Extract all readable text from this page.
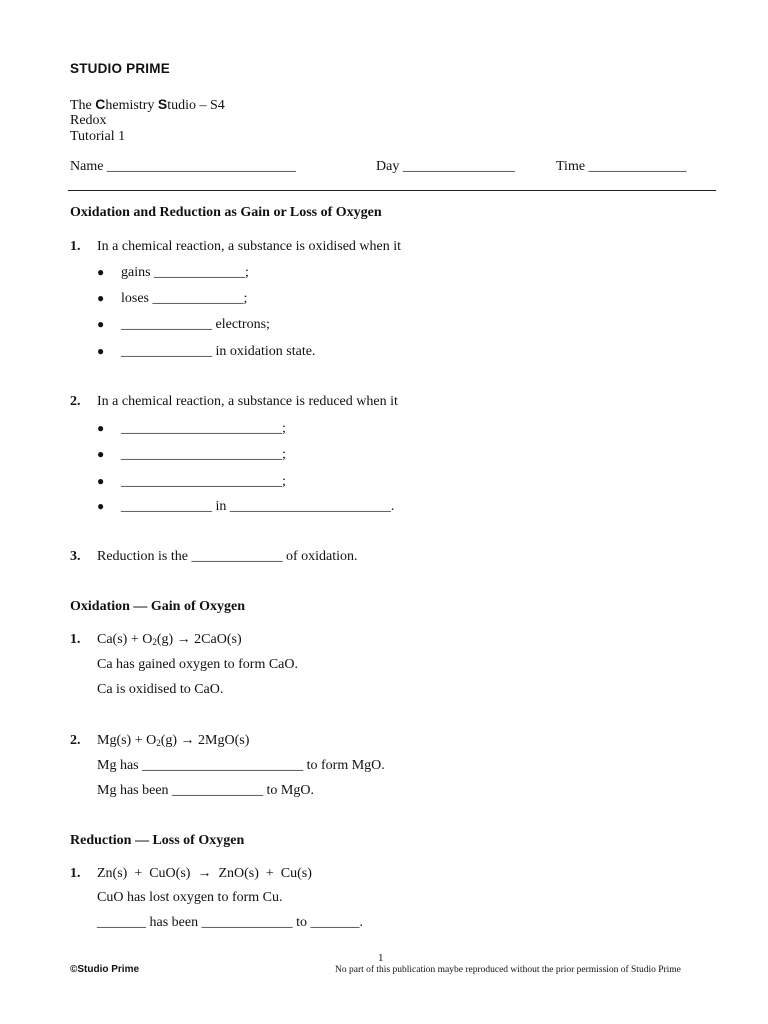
STUDIO PRIME
The Chemistry Studio – S4
Redox
Tutorial 1
Name ___________________________	Day ________________	Time ______________
Oxidation and Reduction as Gain or Loss of Oxygen
1. In a chemical reaction, a substance is oxidised when it
● gains _____________;
● loses _____________;
● _____________ electrons;
● _____________ in oxidation state.
2. In a chemical reaction, a substance is reduced when it
● _______________________;
● _______________________;
● _______________________;
● _____________ in _______________________.
3. Reduction is the _____________ of oxidation.
Oxidation — Gain of Oxygen
1. $Ca(s) + O_2(g) \to 2CaO(s)$
Ca has gained oxygen to form CaO.
Ca is oxidised to CaO.
2. $Mg(s) + O_2(g) \to 2MgO(s)$
Mg has _______________________ to form MgO.
Mg has been _____________ to MgO.
Reduction — Loss of Oxygen
1. Zn(s)  +  CuO(s)  →  ZnO(s)  +  Cu(s)
CuO has lost oxygen to form Cu.
_______ has been _____________ to _______.
1
©Studio Prime	No part of this publication maybe reproduced without the prior permission of Studio Prime
